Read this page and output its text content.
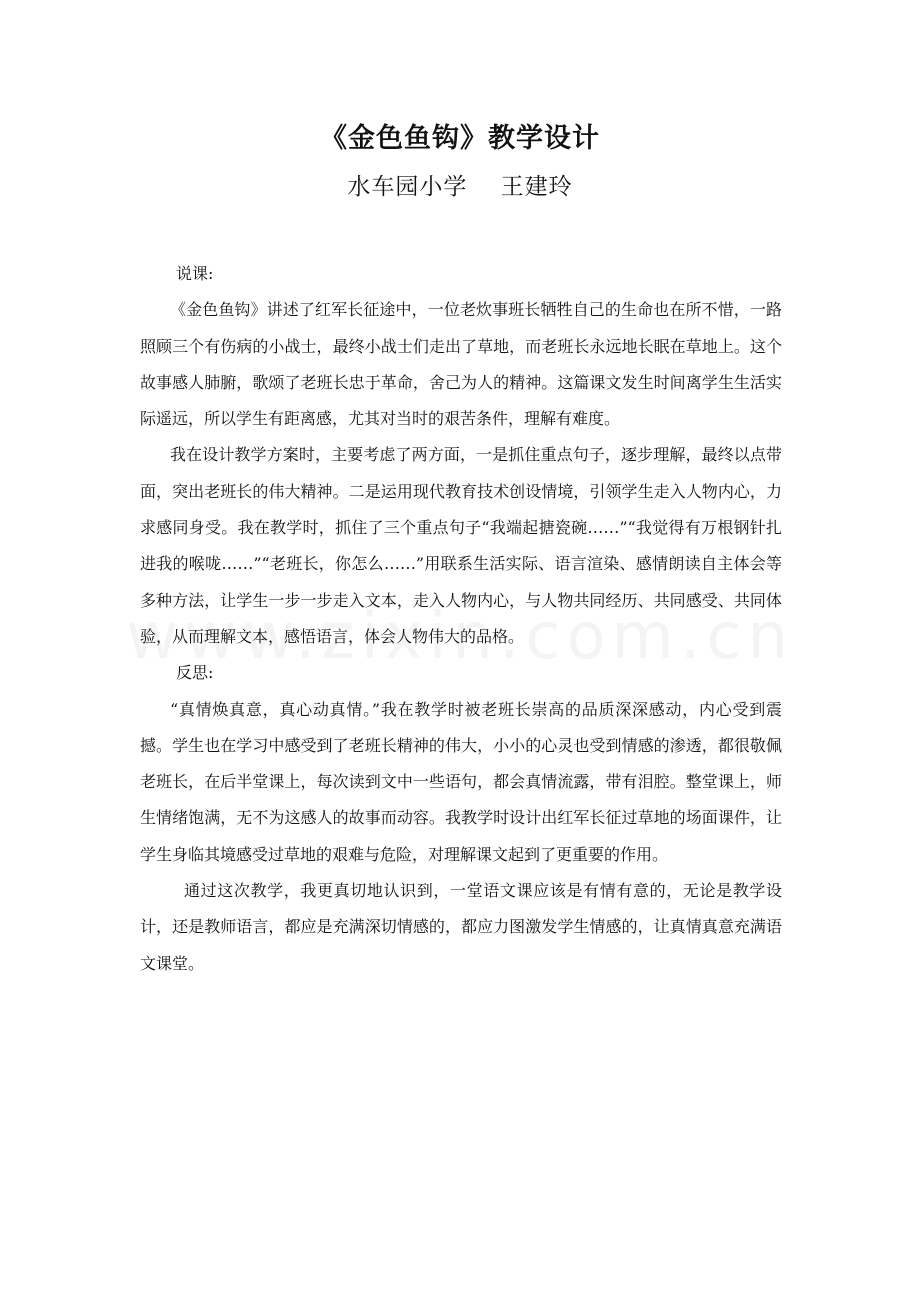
《金色鱼钩》教学设计
水车园小学    王建玲

说课:

《金色鱼钩》讲述了红军长征途中，一位老炊事班长牺牲自己的生命也在所不惜，一路照顾三个有伤病的小战士，最终小战士们走出了草地，而老班长永远地长眠在草地上。这个故事感人肺腑，歌颂了老班长忠于革命，舍己为人的精神。这篇课文发生时间离学生生活实际遥远，所以学生有距离感，尤其对当时的艰苦条件，理解有难度。

我在设计教学方案时，主要考虑了两方面，一是抓住重点句子，逐步理解，最终以点带面，突出老班长的伟大精神。二是运用现代教育技术创设情境，引领学生走入人物内心，力求感同身受。我在教学时，抓住了三个重点句子“我端起搪瓷碗……”“我觉得有万根钢针扎进我的喉咙……”“老班长，你怎么……”用联系生活实际、语言渲染、感情朗读自主体会等多种方法，让学生一步一步走入文本，走入人物内心，与人物共同经历、共同感受、共同体验，从而理解文本，感悟语言，体会人物伟大的品格。

反思:

“真情焕真意，真心动真情。”我在教学时被老班长崇高的品质深深感动，内心受到震撼。学生也在学习中感受到了老班长精神的伟大，小小的心灵也受到情感的渗透，都很敬佩老班长，在后半堂课上，每次读到文中一些语句，都会真情流露，带有泪腔。整堂课上，师生情绪饱满，无不为这感人的故事而动容。我教学时设计出红军长征过草地的场面课件，让学生身临其境感受过草地的艰难与危险，对理解课文起到了更重要的作用。

通过这次教学，我更真切地认识到，一堂语文课应该是有情有意的，无论是教学设计，还是教师语言，都应是充满深切情感的，都应力图激发学生情感的，让真情真意充满语文课堂。
